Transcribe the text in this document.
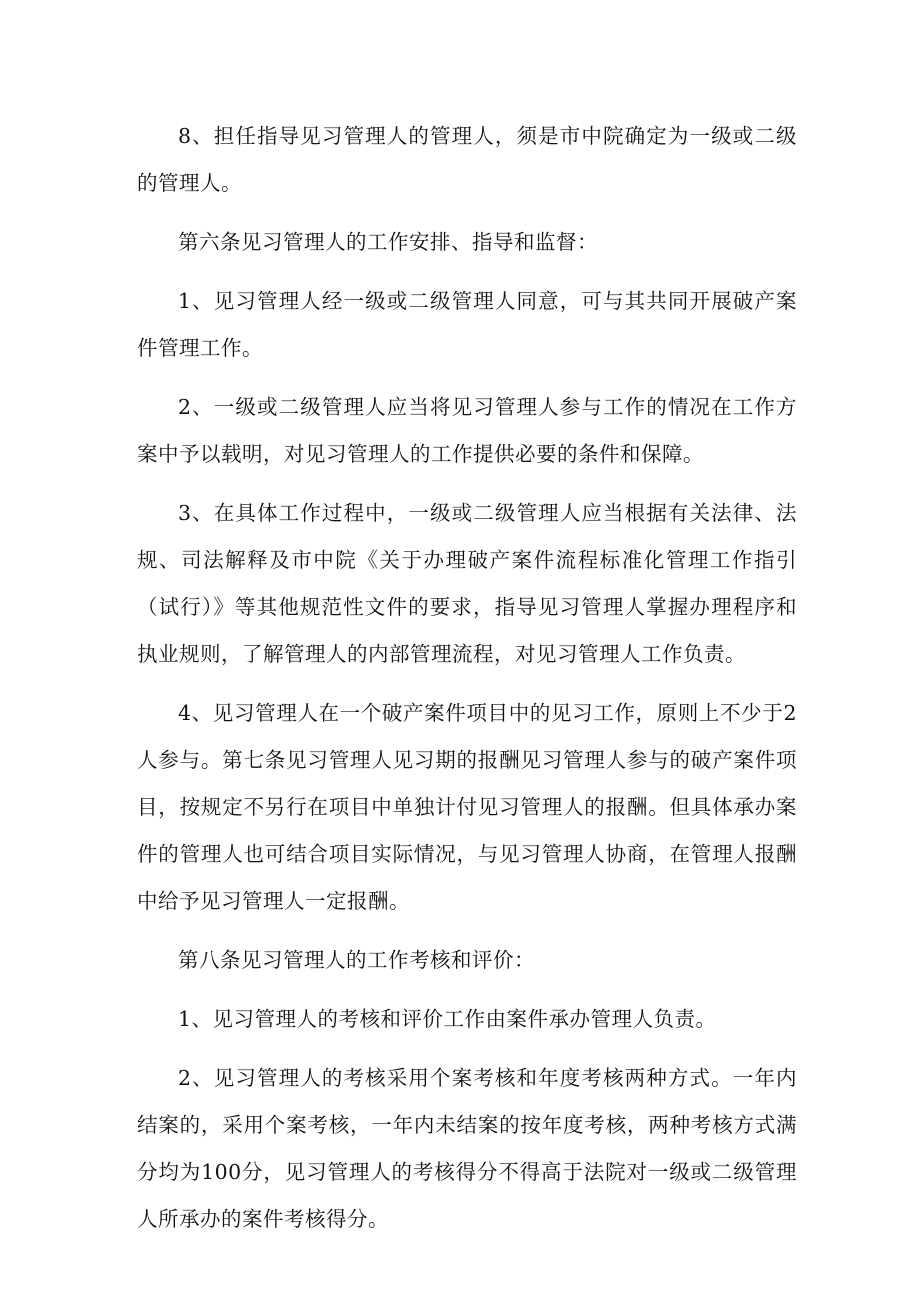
8、担任指导见习管理人的管理人，须是市中院确定为一级或二级的管理人。

第六条见习管理人的工作安排、指导和监督：

1、见习管理人经一级或二级管理人同意，可与其共同开展破产案件管理工作。

2、一级或二级管理人应当将见习管理人参与工作的情况在工作方案中予以载明，对见习管理人的工作提供必要的条件和保障。

3、在具体工作过程中，一级或二级管理人应当根据有关法律、法规、司法解释及市中院《关于办理破产案件流程标准化管理工作指引（试行）》等其他规范性文件的要求，指导见习管理人掌握办理程序和执业规则，了解管理人的内部管理流程，对见习管理人工作负责。

4、见习管理人在一个破产案件项目中的见习工作，原则上不少于2人参与。第七条见习管理人见习期的报酬见习管理人参与的破产案件项目，按规定不另行在项目中单独计付见习管理人的报酬。但具体承办案件的管理人也可结合项目实际情况，与见习管理人协商，在管理人报酬中给予见习管理人一定报酬。

第八条见习管理人的工作考核和评价：

1、见习管理人的考核和评价工作由案件承办管理人负责。

2、见习管理人的考核采用个案考核和年度考核两种方式。一年内结案的，采用个案考核，一年内未结案的按年度考核，两种考核方式满分均为100分，见习管理人的考核得分不得高于法院对一级或二级管理人所承办的案件考核得分。
